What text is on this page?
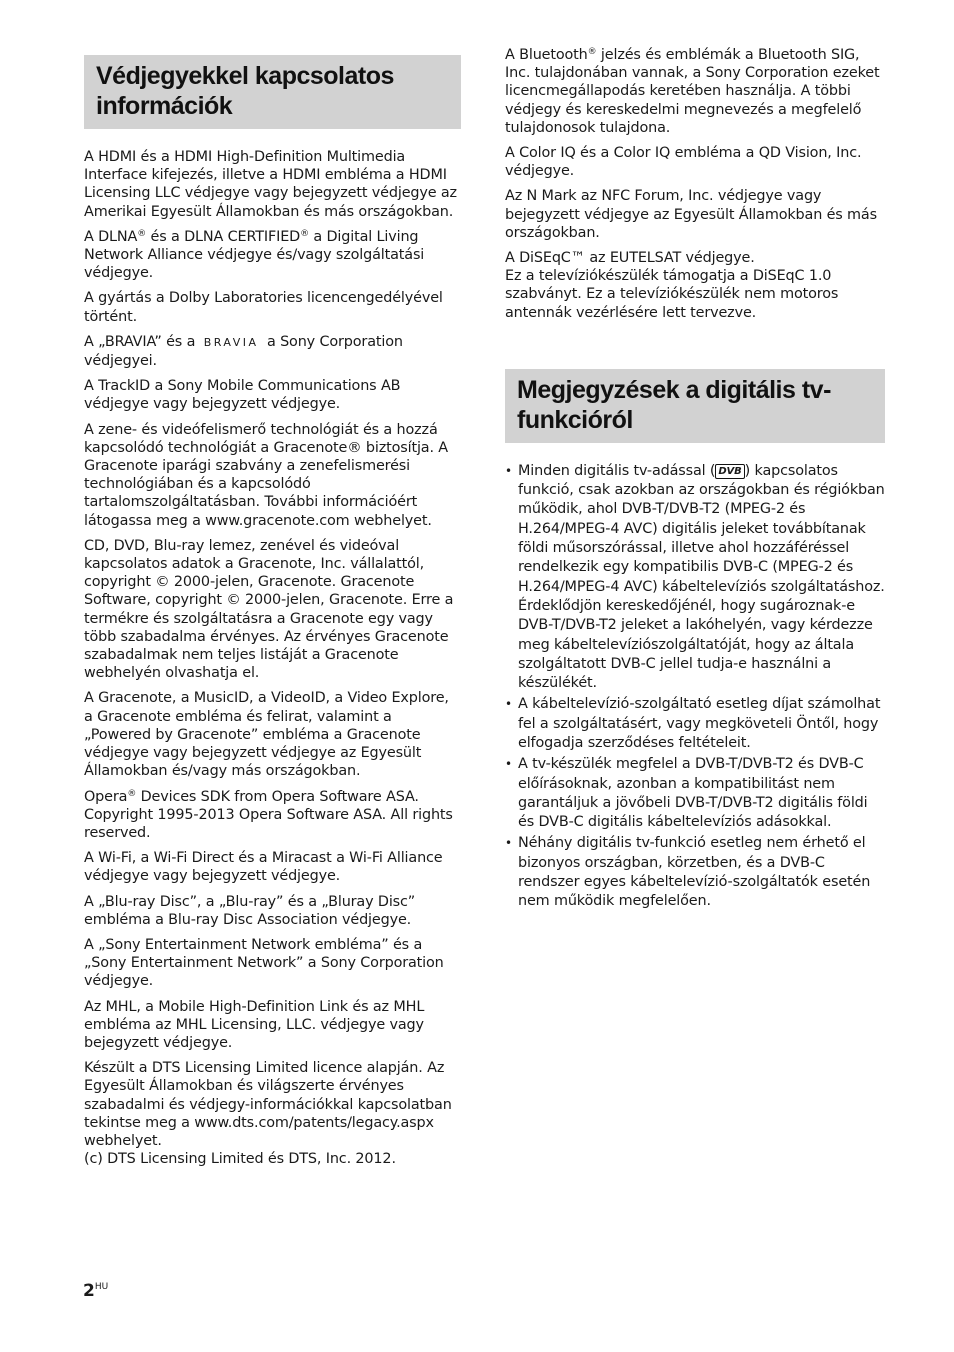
Védjegyekkel kapcsolatos információk

A HDMI és a HDMI High-Definition Multimedia Interface kifejezés, illetve a HDMI embléma a HDMI Licensing LLC védjegye vagy bejegyzett védjegye az Amerikai Egyesült Államokban és más országokban.

A DLNA® és a DLNA CERTIFIED® a Digital Living Network Alliance védjegye és/vagy szolgáltatási védjegye.

A gyártás a Dolby Laboratories licencengedélyével történt.

A „BRAVIA” és a BRAVIA a Sony Corporation védjegyei.

A TrackID a Sony Mobile Communications AB védjegye vagy bejegyzett védjegye.

A zene- és videófelismerő technológiát és a hozzá kapcsolódó technológiát a Gracenote® biztosítja. A Gracenote iparági szabvány a zenefelismerési technológiában és a kapcsolódó tartalomszolgáltatásban. További információért látogassa meg a www.gracenote.com webhelyet.

CD, DVD, Blu-ray lemez, zenével és videóval kapcsolatos adatok a Gracenote, Inc. vállalattól, copyright © 2000-jelen, Gracenote. Gracenote Software, copyright © 2000-jelen, Gracenote. Erre a termékre és szolgáltatásra a Gracenote egy vagy több szabadalma érvényes. Az érvényes Gracenote szabadalmak nem teljes listáját a Gracenote webhelyén olvashatja el.

A Gracenote, a MusicID, a VideoID, a Video Explore, a Gracenote embléma és felirat, valamint a „Powered by Gracenote” embléma a Gracenote védjegye vagy bejegyzett védjegye az Egyesült Államokban és/vagy más országokban.

Opera® Devices SDK from Opera Software ASA. Copyright 1995-2013 Opera Software ASA. All rights reserved.

A Wi-Fi, a Wi-Fi Direct és a Miracast a Wi-Fi Alliance védjegye vagy bejegyzett védjegye.

A „Blu-ray Disc”, a „Blu-ray” és a „Bluray Disc” embléma a Blu-ray Disc Association védjegye.

A „Sony Entertainment Network embléma” és a „Sony Entertainment Network” a Sony Corporation védjegye.

Az MHL, a Mobile High-Definition Link és az MHL embléma az MHL Licensing, LLC. védjegye vagy bejegyzett védjegye.

Készült a DTS Licensing Limited licence alapján. Az Egyesült Államokban és világszerte érvényes szabadalmi és védjegy-információkkal kapcsolatban tekintse meg a www.dts.com/patents/legacy.aspx webhelyet.
(c) DTS Licensing Limited és DTS, Inc. 2012.

A Bluetooth® jelzés és emblémák a Bluetooth SIG, Inc. tulajdonában vannak, a Sony Corporation ezeket licencmegállapodás keretében használja. A többi védjegy és kereskedelmi megnevezés a megfelelő tulajdonosok tulajdona.

A Color IQ és a Color IQ embléma a QD Vision, Inc. védjegye.

Az N Mark az NFC Forum, Inc. védjegye vagy bejegyzett védjegye az Egyesült Államokban és más országokban.

A DiSEqC™ az EUTELSAT védjegye.
Ez a televíziókészülék támogatja a DiSEqC 1.0 szabványt. Ez a televíziókészülék nem motoros antennák vezérlésére lett tervezve.

Megjegyzések a digitális tv-funkcióról
• Minden digitális tv-adással ( DVB ) kapcsolatos funkció, csak azokban az országokban és régiókban működik, ahol DVB-T/DVB-T2 (MPEG-2 és H.264/MPEG-4 AVC) digitális jeleket továbbítanak földi műsorszórással, illetve ahol hozzáféréssel rendelkezik egy kompatibilis DVB-C (MPEG-2 és H.264/MPEG-4 AVC) kábeltelevíziós szolgáltatáshoz. Érdeklődjön kereskedőjénél, hogy sugároznak-e DVB-T/DVB-T2 jeleket a lakóhelyén, vagy kérdezze meg kábeltelevíziószolgáltatóját, hogy az általa szolgáltatott DVB-C jellel tudja-e használni a készülékét.
• A kábeltelevízió-szolgáltató esetleg díjat számolhat fel a szolgáltatásért, vagy megköveteli Öntől, hogy elfogadja szerződéses feltételeit.
• A tv-készülék megfelel a DVB-T/DVB-T2 és DVB-C előírásoknak, azonban a kompatibilitást nem garantáljuk a jövőbeli DVB-T/DVB-T2 digitális földi és DVB-C digitális kábeltelevíziós adásokkal.
• Néhány digitális tv-funkció esetleg nem érhető el bizonyos országban, körzetben, és a DVB-C rendszer egyes kábeltelevízió-szolgáltatók esetén nem működik megfelelően.
$2^{HU}$
